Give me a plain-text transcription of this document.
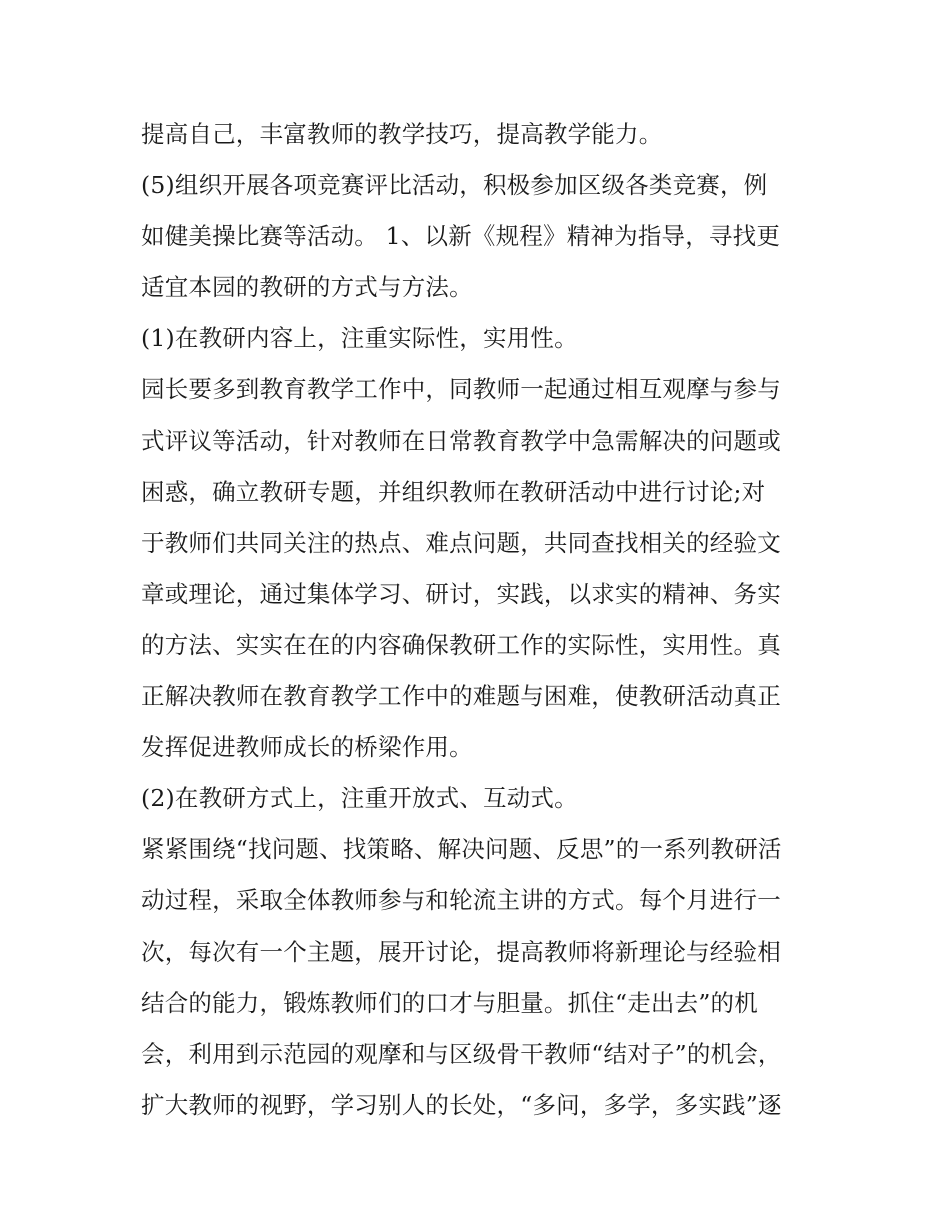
提高自己，丰富教师的教学技巧，提高教学能力。
(5)组织开展各项竞赛评比活动，积极参加区级各类竞赛，例
如健美操比赛等活动。 1、以新《规程》精神为指导，寻找更
适宜本园的教研的方式与方法。
(1)在教研内容上，注重实际性，实用性。
园长要多到教育教学工作中，同教师一起通过相互观摩与参与
式评议等活动，针对教师在日常教育教学中急需解决的问题或
困惑，确立教研专题，并组织教师在教研活动中进行讨论;对
于教师们共同关注的热点、难点问题，共同查找相关的经验文
章或理论，通过集体学习、研讨，实践，以求实的精神、务实
的方法、实实在在的内容确保教研工作的实际性，实用性。真
正解决教师在教育教学工作中的难题与困难，使教研活动真正
发挥促进教师成长的桥梁作用。
(2)在教研方式上，注重开放式、互动式。
紧紧围绕“找问题、找策略、解决问题、反思”的一系列教研活
动过程，采取全体教师参与和轮流主讲的方式。每个月进行一
次，每次有一个主题，展开讨论，提高教师将新理论与经验相
结合的能力，锻炼教师们的口才与胆量。抓住“走出去”的机
会，利用到示范园的观摩和与区级骨干教师“结对子”的机会，
扩大教师的视野，学习别人的长处，“多问，多学，多实践”逐
